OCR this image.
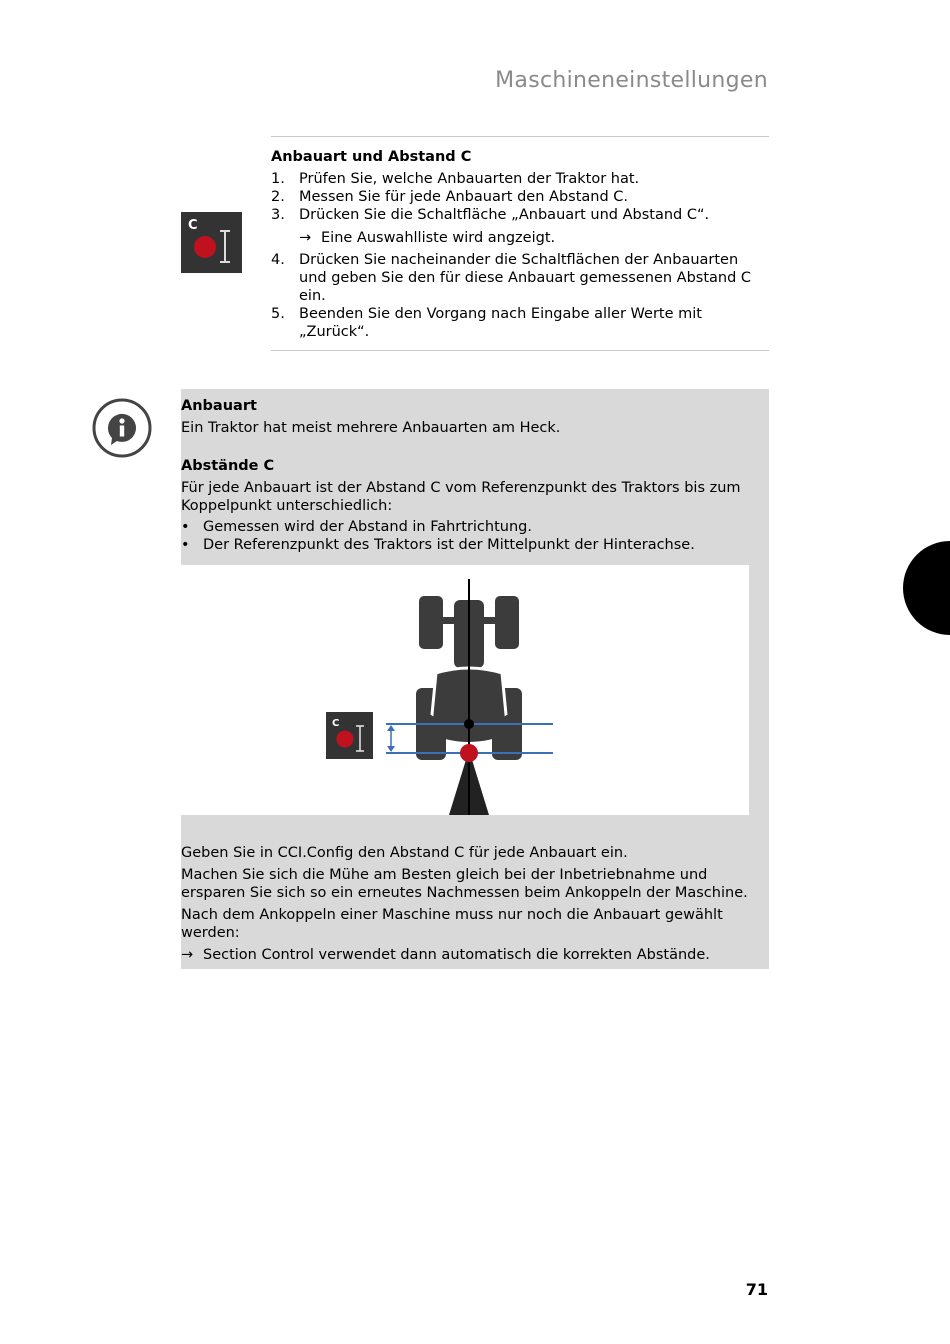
Maschineneinstellungen
C
Anbauart und Abstand C
1. Prüfen Sie, welche Anbauarten der Traktor hat.
2. Messen Sie für jede Anbauart den Abstand C.
3. Drücken Sie die Schaltfläche „Anbauart und Abstand C“.
→ Eine Auswahlliste wird angzeigt.
4. Drücken Sie nacheinander die Schaltflächen der Anbauarten und geben Sie den für diese Anbauart gemessenen Abstand C ein.
5. Beenden Sie den Vorgang nach Eingabe aller Werte mit „Zurück“.
Anbauart

Ein Traktor hat meist mehrere Anbauarten am Heck.

Abstände C

Für jede Anbauart ist der Abstand C vom Referenzpunkt des Traktors bis zum Koppelpunkt unterschiedlich:

• Gemessen wird der Abstand in Fahrtrichtung.
• Der Referenzpunkt des Traktors ist der Mittelpunkt der Hinterachse.
C

Geben Sie in CCI.Config den Abstand C für jede Anbauart ein.

Machen Sie sich die Mühe am Besten gleich bei der Inbetriebnahme und ersparen Sie sich so ein erneutes Nachmessen beim Ankoppeln der Maschine.

Nach dem Ankoppeln einer Maschine muss nur noch die Anbauart gewählt werden:

→ Section Control verwendet dann automatisch die korrekten Abstände.

71
